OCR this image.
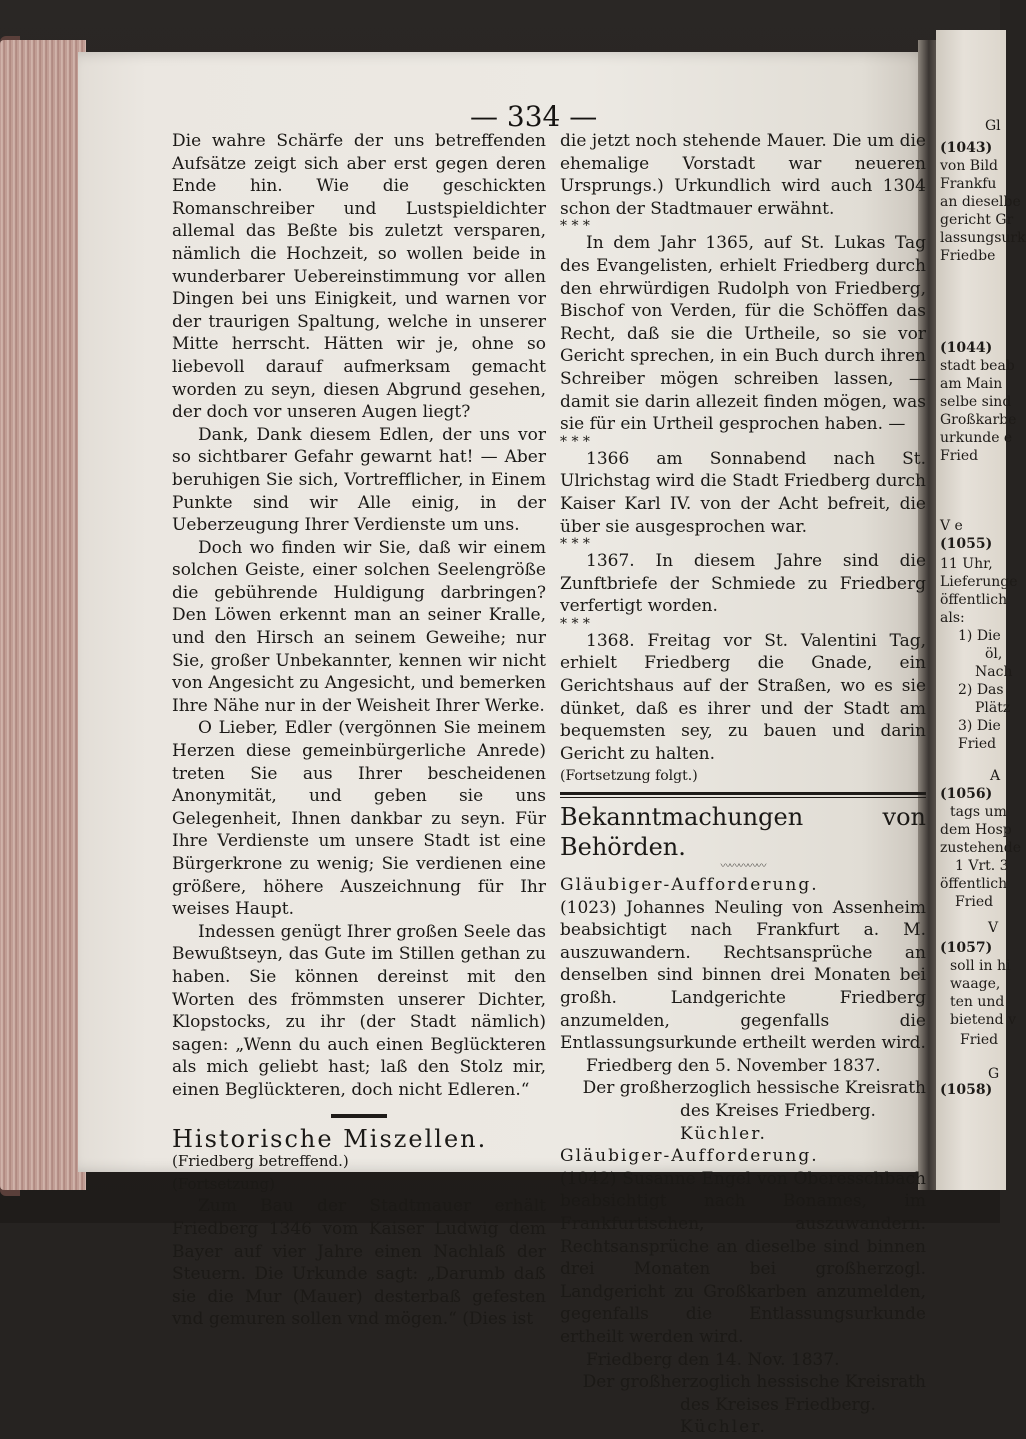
— 334 —

Die wahre Schärfe der uns betreffenden Aufsätze zeigt sich aber erst gegen deren Ende hin. Wie die geschickten Romanschreiber und Lustspieldichter allemal das Beßte bis zuletzt versparen, nämlich die Hochzeit, so wollen beide in wunderbarer Uebereinstimmung vor allen Dingen bei uns Einigkeit, und warnen vor der traurigen Spaltung, welche in unserer Mitte herrscht. Hätten wir je, ohne so liebevoll darauf aufmerksam gemacht worden zu seyn, diesen Abgrund gesehen, der doch vor unseren Augen liegt?

Dank, Dank diesem Edlen, der uns vor so sichtbarer Gefahr gewarnt hat! — Aber beruhigen Sie sich, Vortrefflicher, in Einem Punkte sind wir Alle einig, in der Ueberzeugung Ihrer Verdienste um uns.

Doch wo finden wir Sie, daß wir einem solchen Geiste, einer solchen Seelengröße die gebührende Huldigung darbringen? Den Löwen erkennt man an seiner Kralle, und den Hirsch an seinem Geweihe; nur Sie, großer Unbekannter, kennen wir nicht von Angesicht zu Angesicht, und bemerken Ihre Nähe nur in der Weisheit Ihrer Werke.

O Lieber, Edler (vergönnen Sie meinem Herzen diese gemeinbürgerliche Anrede) treten Sie aus Ihrer bescheidenen Anonymität, und geben sie uns Gelegenheit, Ihnen dankbar zu seyn. Für Ihre Verdienste um unsere Stadt ist eine Bürgerkrone zu wenig; Sie verdienen eine größere, höhere Auszeichnung für Ihr weises Haupt.

Indessen genügt Ihrer großen Seele das Bewußtseyn, das Gute im Stillen gethan zu haben. Sie können dereinst mit den Worten des frömmsten unserer Dichter, Klopstocks, zu ihr (der Stadt nämlich) sagen: „Wenn du auch einen Beglückteren als mich geliebt hast; laß den Stolz mir, einen Beglückteren, doch nicht Edleren.“

Historische Miszellen.

(Friedberg betreffend.)

(Fortsetzung)

Zum Bau der Stadtmauer erhält Friedberg 1346 vom Kaiser Ludwig dem Bayer auf vier Jahre einen Nachlaß der Steuern. Die Urkunde sagt: „Darumb daß sie die Mur (Mauer) desterbaß gefesten vnd gemuren sollen vnd mögen.“ (Dies ist

die jetzt noch stehende Mauer. Die um die ehemalige Vorstadt war neueren Ursprungs.) Urkundlich wird auch 1304 schon der Stadtmauer erwähnt.

* * *

In dem Jahr 1365, auf St. Lukas Tag des Evangelisten, erhielt Friedberg durch den ehrwürdigen Rudolph von Friedberg, Bischof von Verden, für die Schöffen das Recht, daß sie die Urtheile, so sie vor Gericht sprechen, in ein Buch durch ihren Schreiber mögen schreiben lassen, — damit sie darin allezeit finden mögen, was sie für ein Urtheil gesprochen haben. —

* * *

1366 am Sonnabend nach St. Ulrichstag wird die Stadt Friedberg durch Kaiser Karl IV. von der Acht befreit, die über sie ausgesprochen war.

* * *

1367. In diesem Jahre sind die Zunftbriefe der Schmiede zu Friedberg verfertigt worden.

* * *

1368. Freitag vor St. Valentini Tag, erhielt Friedberg die Gnade, ein Gerichtshaus auf der Straßen, wo es sie dünket, daß es ihrer und der Stadt am bequemsten sey, zu bauen und darin Gericht zu halten.

(Fortsetzung folgt.)

Bekanntmachungen von Behörden.

〰〰〰〰〰

Gläubiger-Aufforderung.

(1023) Johannes Neuling von Assenheim beabsichtigt nach Frankfurt a. M. auszuwandern. Rechtsansprüche an denselben sind binnen drei Monaten bei großh. Landgerichte Friedberg anzumelden, gegenfalls die Entlassungsurkunde ertheilt werden wird.

Friedberg den 5. November 1837.

Der großherzoglich hessische Kreisrath

des Kreises Friedberg.

Küchler.

Gläubiger-Aufforderung.

(1042) Susanne Engel von Oberesschbach beabsichtigt nach Bonames, im Frankfurtischen, auszuwandern. Rechtsansprüche an dieselbe sind binnen drei Monaten bei großherzogl. Landgericht zu Großkarben anzumelden, gegenfalls die Entlassungsurkunde ertheilt werden wird.

Friedberg den 14. Nov. 1837.

Der großherzoglich hessische Kreisrath

des Kreises Friedberg.

Küchler.

Gl
(1043)
von Bild
Frankfu
an dieselbe
gericht Gr
lassungsurk
Friedbe
(1044)
stadt beab
am Main
selbe sind
Großkarbe
urkunde e
Fried
V e
(1055)
11 Uhr,
Lieferunge
öffentlich
als:
1) Die
öl,
Nach
2) Das
Plätz
3) Die
Fried
A
(1056)
tags um
dem Hosp
zustehende
1 Vrt. 3
öffentlich
Fried
V
(1057)
soll in hi
waage,
ten und
bietend v
Fried
G
(1058)
